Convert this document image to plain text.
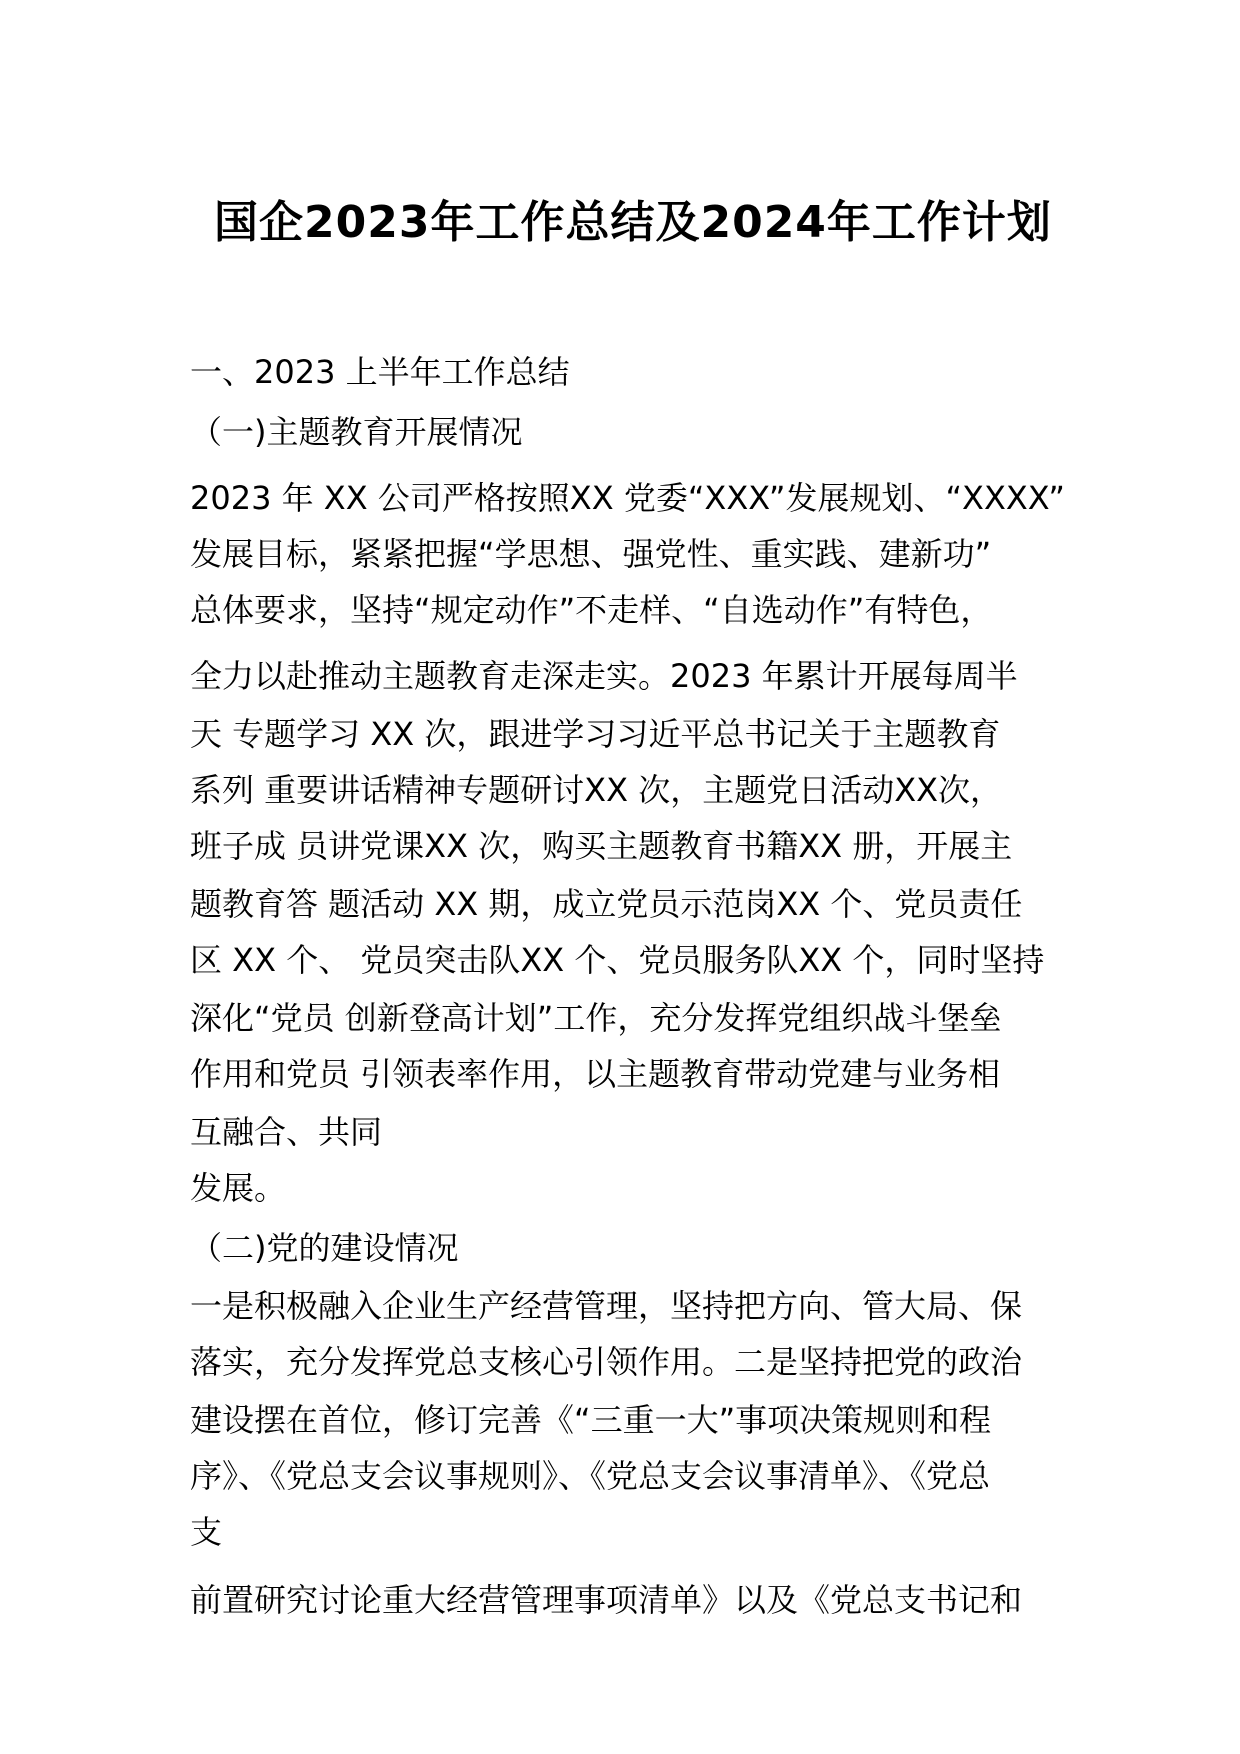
国企2023年工作总结及2024年工作计划

一、2023 上半年工作总结

（一)主题教育开展情况

2023 年 XX 公司严格按照XX 党委“XXX”发展规划、“XXXX”

发展目标，紧紧把握“学思想、强党性、重实践、建新功”

总体要求，坚持“规定动作”不走样、“自选动作”有特色，

全力以赴推动主题教育走深走实。2023 年累计开展每周半

天 专题学习 XX 次，跟进学习习近平总书记关于主题教育

系列 重要讲话精神专题研讨XX 次，主题党日活动XX次，

班子成 员讲党课XX 次，购买主题教育书籍XX 册，开展主

题教育答 题活动 XX 期，成立党员示范岗XX 个、党员责任

区 XX 个、 党员突击队XX 个、党员服务队XX 个，同时坚持

深化“党员 创新登高计划”工作，充分发挥党组织战斗堡垒

作用和党员 引领表率作用，以主题教育带动党建与业务相

互融合、共同

发展。

（二)党的建设情况

一是积极融入企业生产经营管理，坚持把方向、管大局、保

落实，充分发挥党总支核心引领作用。二是坚持把党的政治

建设摆在首位，修订完善《“三重一大”事项决策规则和程

序》、《党总支会议事规则》、《党总支会议事清单》、《党总

支

前置研究讨论重大经营管理事项清单》以及《党总支书记和
